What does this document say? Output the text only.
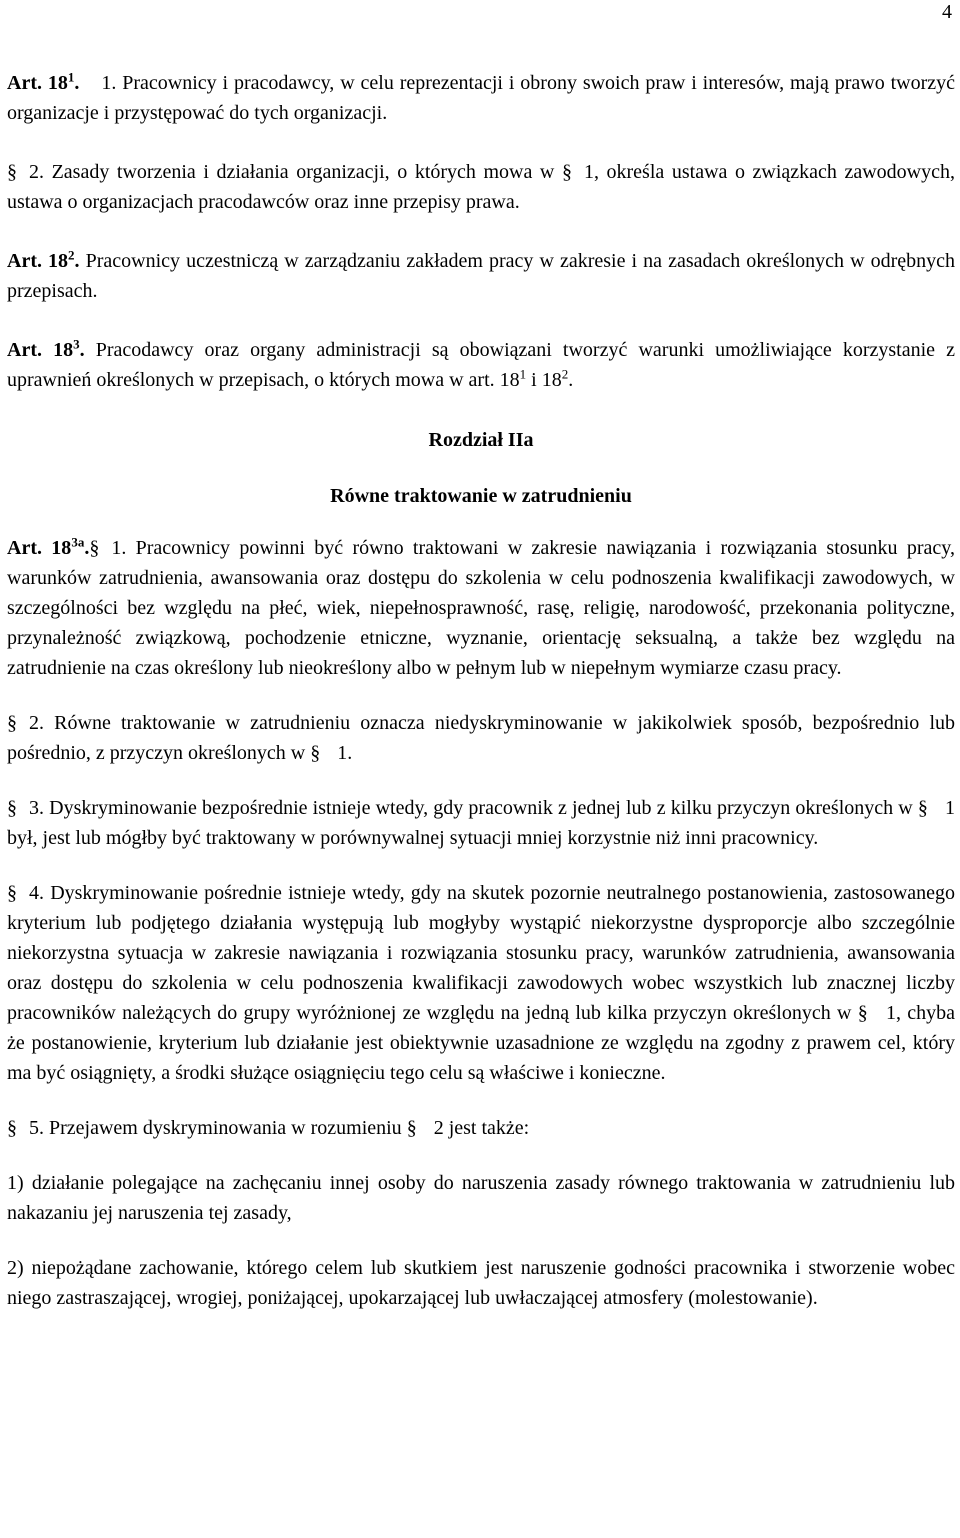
4

Art. $18^1$. 1. Pracownicy i pracodawcy, w celu reprezentacji i obrony swoich praw i interesów, mają prawo tworzyć organizacje i przystępować do tych organizacji.

§ 2. Zasady tworzenia i działania organizacji, o których mowa w § 1, określa ustawa o związkach zawodowych, ustawa o organizacjach pracodawców oraz inne przepisy prawa.

Art. $18^2$. Pracownicy uczestniczą w zarządzaniu zakładem pracy w zakresie i na zasadach określonych w odrębnych przepisach.

Art. $18^3$. Pracodawcy oraz organy administracji są obowiązani tworzyć warunki umożliwiające korzystanie z uprawnień określonych w przepisach, o których mowa w art. $18^1$ i $18^2$.

Rozdział IIa

Równe traktowanie w zatrudnieniu

Art. $18^{3a}.\S$ 1. Pracownicy powinni być równo traktowani w zakresie nawiązania i rozwiązania stosunku pracy, warunków zatrudnienia, awansowania oraz dostępu do szkolenia w celu podnoszenia kwalifikacji zawodowych, w szczególności bez względu na płeć, wiek, niepełnosprawność, rasę, religię, narodowość, przekonania polityczne, przynależność związkową, pochodzenie etniczne, wyznanie, orientację seksualną, a także bez względu na zatrudnienie na czas określony lub nieokreślony albo w pełnym lub w niepełnym wymiarze czasu pracy.

§ 2. Równe traktowanie w zatrudnieniu oznacza niedyskryminowanie w jakikolwiek sposób, bezpośrednio lub pośrednio, z przyczyn określonych w § 1.

§ 3. Dyskryminowanie bezpośrednie istnieje wtedy, gdy pracownik z jednej lub z kilku przyczyn określonych w § 1 był, jest lub mógłby być traktowany w porównywalnej sytuacji mniej korzystnie niż inni pracownicy.

§ 4. Dyskryminowanie pośrednie istnieje wtedy, gdy na skutek pozornie neutralnego postanowienia, zastosowanego kryterium lub podjętego działania występują lub mogłyby wystąpić niekorzystne dysproporcje albo szczególnie niekorzystna sytuacja w zakresie nawiązania i rozwiązania stosunku pracy, warunków zatrudnienia, awansowania oraz dostępu do szkolenia w celu podnoszenia kwalifikacji zawodowych wobec wszystkich lub znacznej liczby pracowników należących do grupy wyróżnionej ze względu na jedną lub kilka przyczyn określonych w § 1, chyba że postanowienie, kryterium lub działanie jest obiektywnie uzasadnione ze względu na zgodny z prawem cel, który ma być osiągnięty, a środki służące osiągnięciu tego celu są właściwe i konieczne.

§ 5. Przejawem dyskryminowania w rozumieniu § 2 jest także:

1) działanie polegające na zachęcaniu innej osoby do naruszenia zasady równego traktowania w zatrudnieniu lub nakazaniu jej naruszenia tej zasady,

2) niepożądane zachowanie, którego celem lub skutkiem jest naruszenie godności pracownika i stworzenie wobec niego zastraszającej, wrogiej, poniżającej, upokarzającej lub uwłaczającej atmosfery (molestowanie).
